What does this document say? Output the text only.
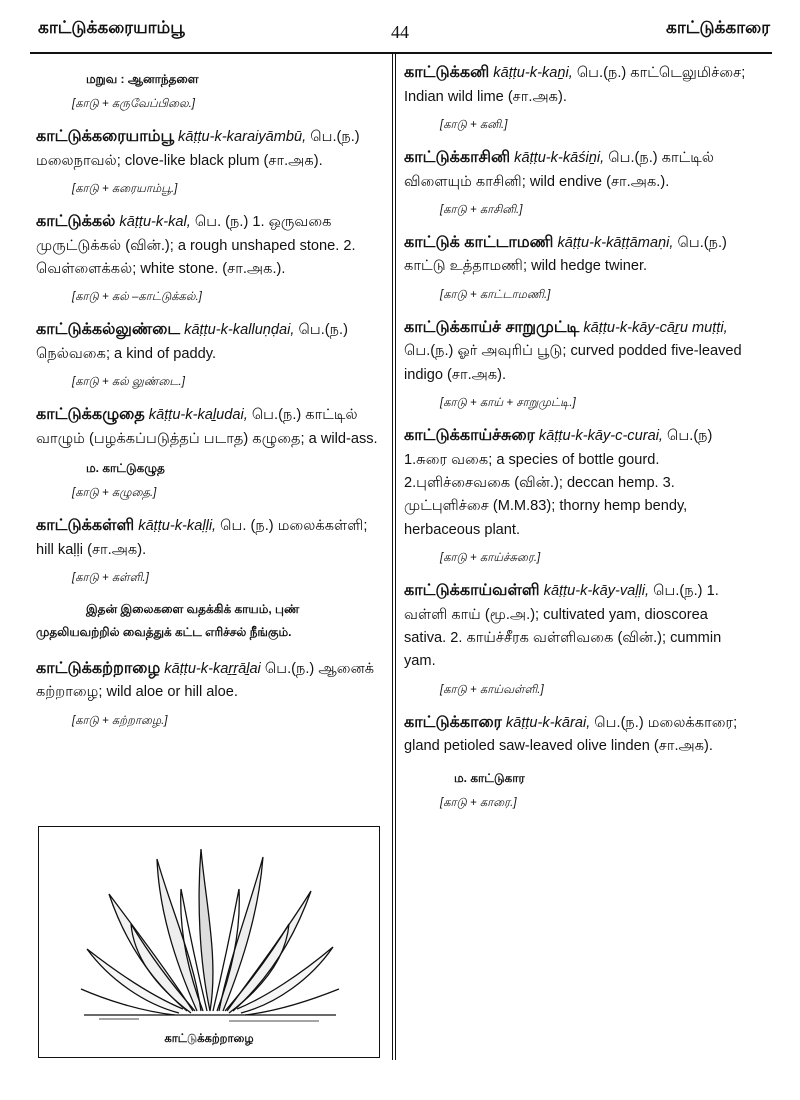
காட்டுக்கரையாம்பூ	44	காட்டுக்காரை
மறுவ : ஆனாந்தளை
[காடு + கருவேப்பிலை.]

காட்டுக்கரையாம்பூ kāṭṭu-k-karaiyāmbū, பெ.(ந.) மலைநாவல்; clove-like black plum (சா.அக).

[காடு + கரையாம்பூ.]

காட்டுக்கல் kāṭṭu-k-kal, பெ. (ந.) 1. ஒருவகை முருட்டுக்கல் (வின்.); a rough unshaped stone. 2. வெள்ளைக்கல்; white stone. (சா.அக.).

[காடு + கல் –காட்டுக்கல்.]

காட்டுக்கல்லுண்டை kāṭṭu-k-kalluṇḍai, பெ.(ந.) நெல்வகை; a kind of paddy.

[காடு + கல் லுண்டை.]

காட்டுக்கழுதை kāṭṭu-k-kaḻudai, பெ.(ந.) காட்டில் வாழும் (பழக்கப்படுத்தப் படாத) கழுதை; a wild-ass.

ம. காட்டுகழுத
[காடு + கழுதை.]

காட்டுக்கள்ளி kāṭṭu-k-kaḷḷi, பெ. (ந.) மலைக்கள்ளி; hill kaḷḷi (சா.அக).

[காடு + கள்ளி.]

இதன் இலைகளை வதக்கிக் காயம், புண் முதலியவற்றில் வைத்துக் கட்ட எரிச்சல் நீங்கும்.

காட்டுக்கற்றாழை kāṭṭu-k-kaṟṟāḻai பெ.(ந.) ஆனைக் கற்றாழை; wild aloe or hill aloe.

[காடு + கற்றாழை.]
காட்டுக்கற்றாழை

காட்டுக்கனி kāṭṭu-k-kaṉi, பெ.(ந.) காட்டெலுமிச்சை; Indian wild lime (சா.அக).

[காடு + கனி.]

காட்டுக்காசினி kāṭṭu-k-kāśiṉi, பெ.(ந.) காட்டில் விளையும் காசினி; wild endive (சா.அக.).

[காடு + காசினி.]

காட்டுக் காட்டாமணி kāṭṭu-k-kāṭṭāmaṇi, பெ.(ந.) காட்டு உத்தாமணி; wild hedge twiner.

[காடு + காட்டாமணி.]

காட்டுக்காய்ச் சாறுமுட்டி kāṭṭu-k-kāy-cāṟu muṭṭi, பெ.(ந.) ஓர் அவுரிப் பூடு; curved podded five-leaved indigo (சா.அக).

[காடு + காய் + சாறுமுட்டி.]

காட்டுக்காய்ச்சுரை kāṭṭu-k-kāy-c-curai, பெ.(ந) 1.சுரை வகை; a species of bottle gourd. 2.புளிச்சைவகை (வின்.); deccan hemp. 3. முட்புளிச்சை (M.M.83); thorny hemp bendy, herbaceous plant.

[காடு + காய்ச்சுரை.]

காட்டுக்காய்வள்ளி kāṭṭu-k-kāy-vaḷḷi, பெ.(ந.) 1. வள்ளி காய் (மூ.அ.); cultivated yam, dioscorea sativa. 2. காய்ச்சீரக வள்ளிவகை (வின்.); cummin yam.

[காடு + காய்வள்ளி.]

காட்டுக்காரை kāṭṭu-k-kārai, பெ.(ந.) மலைக்காரை; gland petioled saw-leaved olive linden (சா.அக).

ம. காட்டுகார
[காடு + காரை.]
